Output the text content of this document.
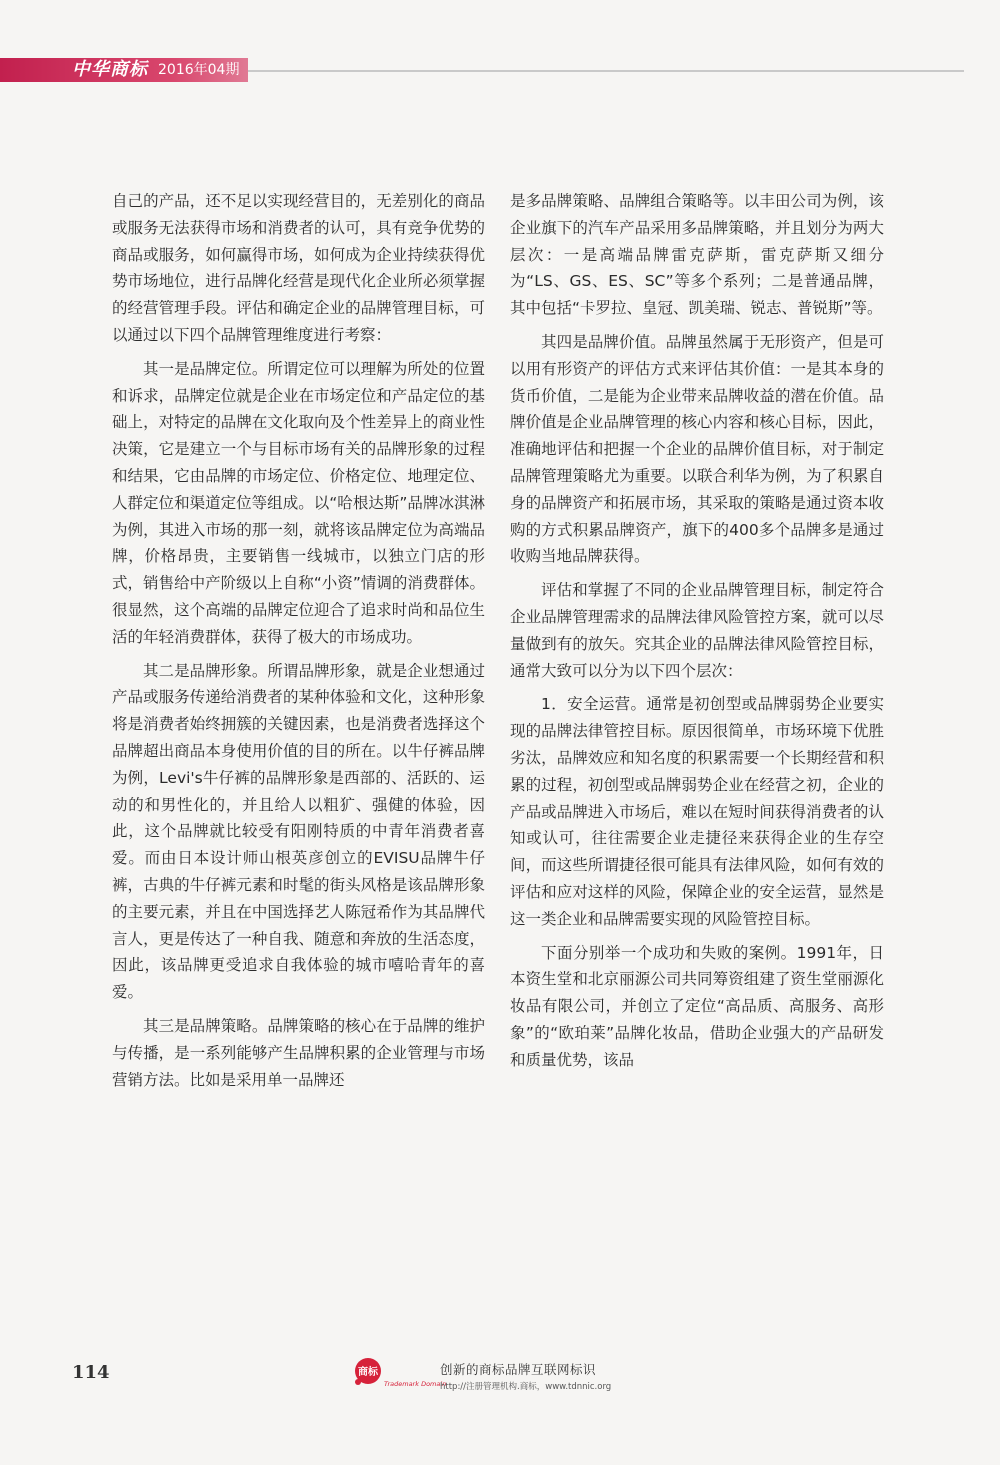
中华商标 2016年04期

自己的产品，还不足以实现经营目的，无差别化的商品或服务无法获得市场和消费者的认可，具有竞争优势的商品或服务，如何赢得市场，如何成为企业持续获得优势市场地位，进行品牌化经营是现代化企业所必须掌握的经营管理手段。评估和确定企业的品牌管理目标，可以通过以下四个品牌管理维度进行考察：

其一是品牌定位。所谓定位可以理解为所处的位置和诉求，品牌定位就是企业在市场定位和产品定位的基础上，对特定的品牌在文化取向及个性差异上的商业性决策，它是建立一个与目标市场有关的品牌形象的过程和结果，它由品牌的市场定位、价格定位、地理定位、人群定位和渠道定位等组成。以“哈根达斯”品牌冰淇淋为例，其进入市场的那一刻，就将该品牌定位为高端品牌，价格昂贵，主要销售一线城市，以独立门店的形式，销售给中产阶级以上自称“小资”情调的消费群体。很显然，这个高端的品牌定位迎合了追求时尚和品位生活的年轻消费群体，获得了极大的市场成功。

其二是品牌形象。所谓品牌形象，就是企业想通过产品或服务传递给消费者的某种体验和文化，这种形象将是消费者始终拥簇的关键因素，也是消费者选择这个品牌超出商品本身使用价值的目的所在。以牛仔裤品牌为例，Levi's牛仔裤的品牌形象是西部的、活跃的、运动的和男性化的，并且给人以粗犷、强健的体验，因此，这个品牌就比较受有阳刚特质的中青年消费者喜爱。而由日本设计师山根英彦创立的EVISU品牌牛仔裤，古典的牛仔裤元素和时髦的街头风格是该品牌形象的主要元素，并且在中国选择艺人陈冠希作为其品牌代言人，更是传达了一种自我、随意和奔放的生活态度，因此，该品牌更受追求自我体验的城市嘻哈青年的喜爱。

其三是品牌策略。品牌策略的核心在于品牌的维护与传播，是一系列能够产生品牌积累的企业管理与市场营销方法。比如是采用单一品牌还

是多品牌策略、品牌组合策略等。以丰田公司为例，该企业旗下的汽车产品采用多品牌策略，并且划分为两大层次：一是高端品牌雷克萨斯，雷克萨斯又细分为“LS、GS、ES、SC”等多个系列；二是普通品牌，其中包括“卡罗拉、皇冠、凯美瑞、锐志、普锐斯”等。

其四是品牌价值。品牌虽然属于无形资产，但是可以用有形资产的评估方式来评估其价值：一是其本身的货币价值，二是能为企业带来品牌收益的潜在价值。品牌价值是企业品牌管理的核心内容和核心目标，因此，准确地评估和把握一个企业的品牌价值目标，对于制定品牌管理策略尤为重要。以联合利华为例，为了积累自身的品牌资产和拓展市场，其采取的策略是通过资本收购的方式积累品牌资产，旗下的400多个品牌多是通过收购当地品牌获得。

评估和掌握了不同的企业品牌管理目标，制定符合企业品牌管理需求的品牌法律风险管控方案，就可以尽量做到有的放矢。究其企业的品牌法律风险管控目标，通常大致可以分为以下四个层次：

1．安全运营。通常是初创型或品牌弱势企业要实现的品牌法律管控目标。原因很简单，市场环境下优胜劣汰，品牌效应和知名度的积累需要一个长期经营和积累的过程，初创型或品牌弱势企业在经营之初，企业的产品或品牌进入市场后，难以在短时间获得消费者的认知或认可，往往需要企业走捷径来获得企业的生存空间，而这些所谓捷径很可能具有法律风险，如何有效的评估和应对这样的风险，保障企业的安全运营，显然是这一类企业和品牌需要实现的风险管控目标。

下面分别举一个成功和失败的案例。1991年，日本资生堂和北京丽源公司共同筹资组建了资生堂丽源化妆品有限公司，并创立了定位“高品质、高服务、高形象”的“欧珀莱”品牌化妆品，借助企业强大的产品研发和质量优势，该品

114	商标
Trademark Domain
创新的商标品牌互联网标识
http://注册管理机构.商标，www.tdnnic.org
